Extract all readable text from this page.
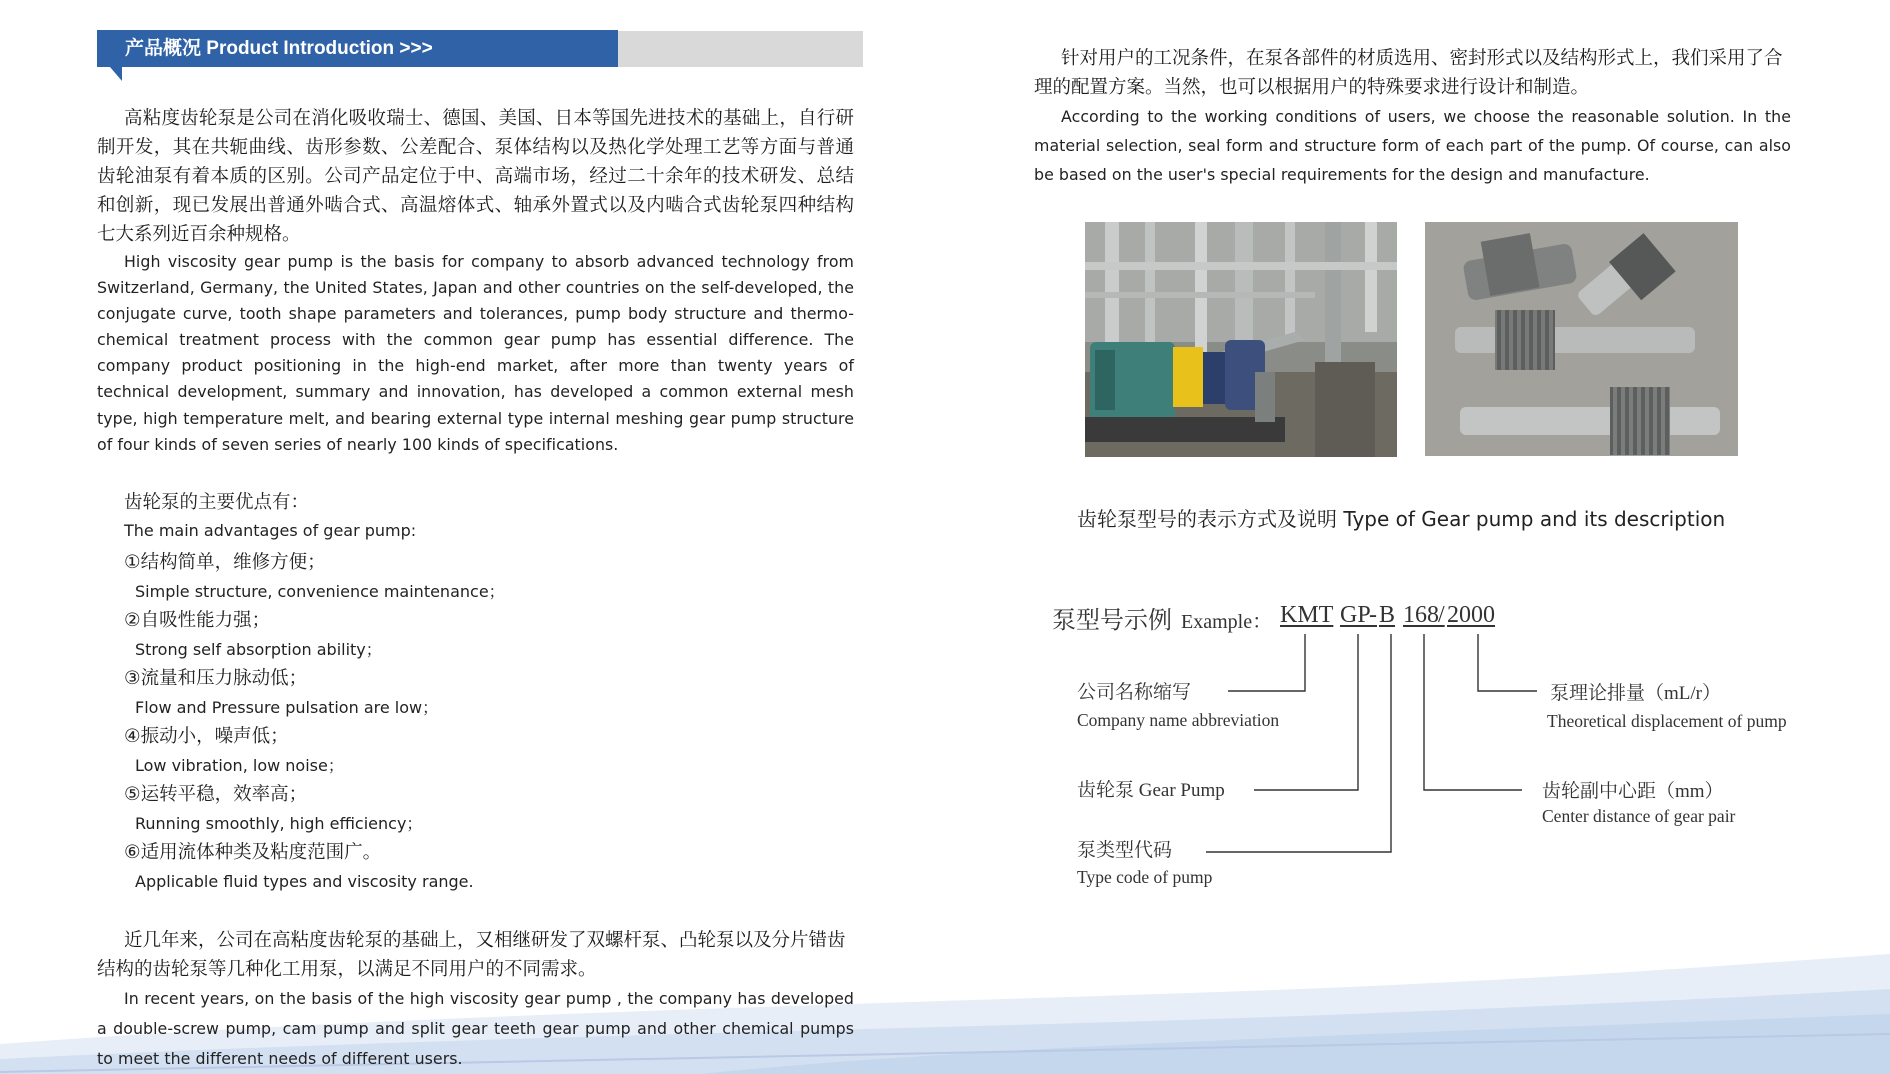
产品概况 Product Introduction >>>

高粘度齿轮泵是公司在消化吸收瑞士、德国、美国、日本等国先进技术的基础上，自行研制开发，其在共轭曲线、齿形参数、公差配合、泵体结构以及热化学处理工艺等方面与普通齿轮油泵有着本质的区别。公司产品定位于中、高端市场，经过二十余年的技术研发、总结和创新，现已发展出普通外啮合式、高温熔体式、轴承外置式以及内啮合式齿轮泵四种结构七大系列近百余种规格。

High viscosity gear pump is the basis for company to absorb advanced technology from Switzerland, Germany, the United States, Japan and other countries on the self-developed, the conjugate curve, tooth shape parameters and tolerances, pump body structure and thermo-chemical treatment process with the common gear pump has essential difference. The company product positioning in the high-end market, after more than twenty years of technical development, summary and innovation, has developed a common external mesh type, high temperature melt, and bearing external type internal meshing gear pump structure of four kinds of seven series of nearly 100 kinds of specifications.

齿轮泵的主要优点有：
The main advantages of gear pump:
①结构简单，维修方便；
Simple structure, convenience maintenance；
②自吸性能力强；
Strong self absorption ability；
③流量和压力脉动低；
Flow and Pressure pulsation are low；
④振动小，噪声低；
Low vibration, low noise；
⑤运转平稳，效率高；
Running smoothly, high efficiency；
⑥适用流体种类及粘度范围广。
Applicable fluid types and viscosity range.

近几年来，公司在高粘度齿轮泵的基础上，又相继研发了双螺杆泵、凸轮泵以及分片错齿结构的齿轮泵等几种化工用泵，以满足不同用户的不同需求。

In recent years, on the basis of the high viscosity gear pump , the company has developed a double-screw pump, cam pump and split gear teeth gear pump and other chemical pumps to meet the different needs of different users.

针对用户的工况条件，在泵各部件的材质选用、密封形式以及结构形式上，我们采用了合理的配置方案。当然，也可以根据用户的特殊要求进行设计和制造。

According to the working conditions of users, we choose the reasonable solution. In the material selection, seal form and structure form of each part of the pump. Of course, can also be based on the user's special requirements for the design and manufacture.

齿轮泵型号的表示方式及说明 Type of Gear pump and its description
泵型号示例 Example： KMT GP
- B 168 / 2000
公司名称缩写
Company name abbreviation
齿轮泵 Gear Pump
泵类型代码
Type code of pump
泵理论排量（mL/r）
Theoretical displacement of pump
齿轮副中心距（mm）
Center distance of gear pair
